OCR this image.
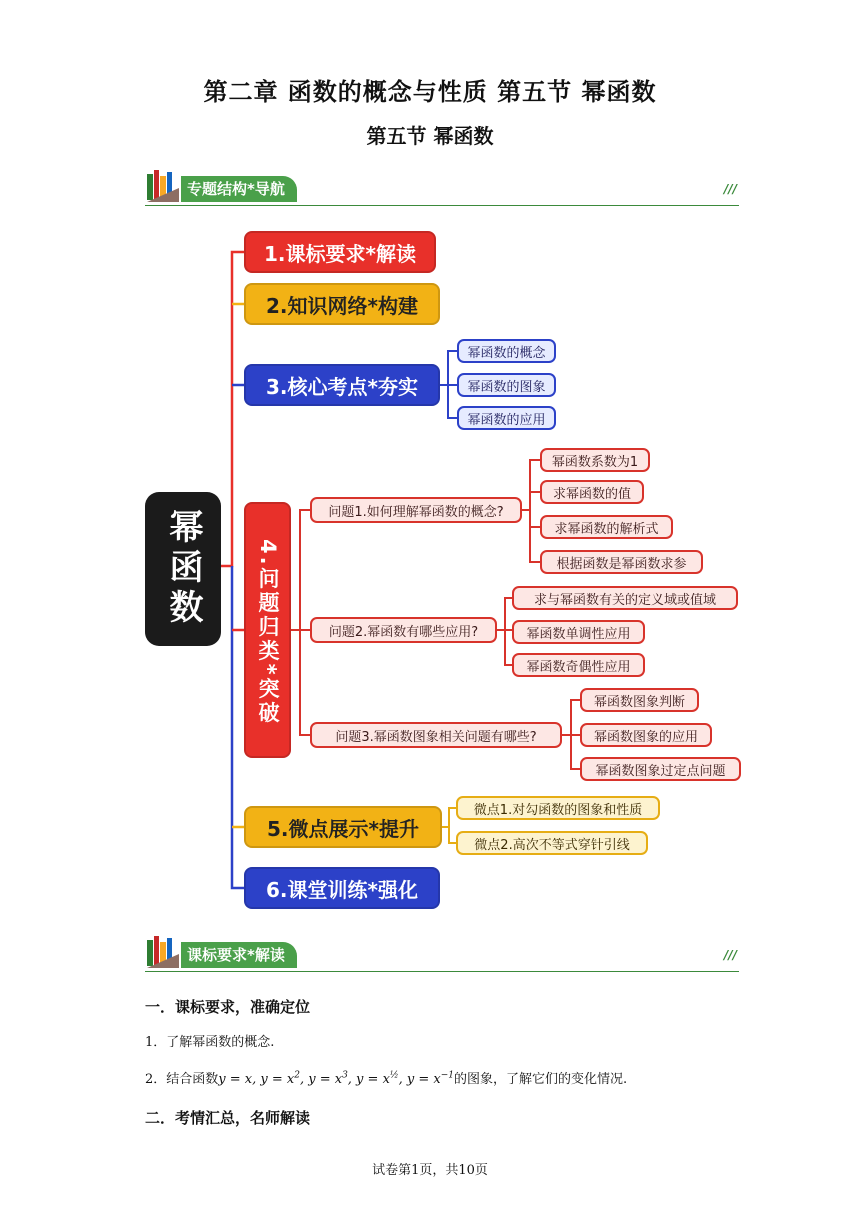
第二章 函数的概念与性质 第五节 幂函数
第五节 幂函数
专题结构*导航	///
幂函数
1.课标要求*解读
2.知识网络*构建
3.核心考点*夯实
4.问题归类*突破
5.微点展示*提升
6.课堂训练*强化
幂函数的概念
幂函数的图象
幂函数的应用
问题1.如何理解幂函数的概念?
问题2.幂函数有哪些应用?
问题3.幂函数图象相关问题有哪些?
幂函数系数为1
求幂函数的值
求幂函数的解析式
根据函数是幂函数求参
求与幂函数有关的定义域或值域
幂函数单调性应用
幂函数奇偶性应用
幂函数图象判断
幂函数图象的应用
幂函数图象过定点问题
微点1.对勾函数的图象和性质
微点2.高次不等式穿针引线
课标要求*解读	///
一．课标要求，准确定位
1．了解幂函数的概念.
2．结合函数y = x, $y = x^2$, $y = x^3$, $y = x^{\frac{1}{2}}$, $y = x^{-1}$的图象，了解它们的变化情况.
二．考情汇总，名师解读
试卷第1页，共10页
